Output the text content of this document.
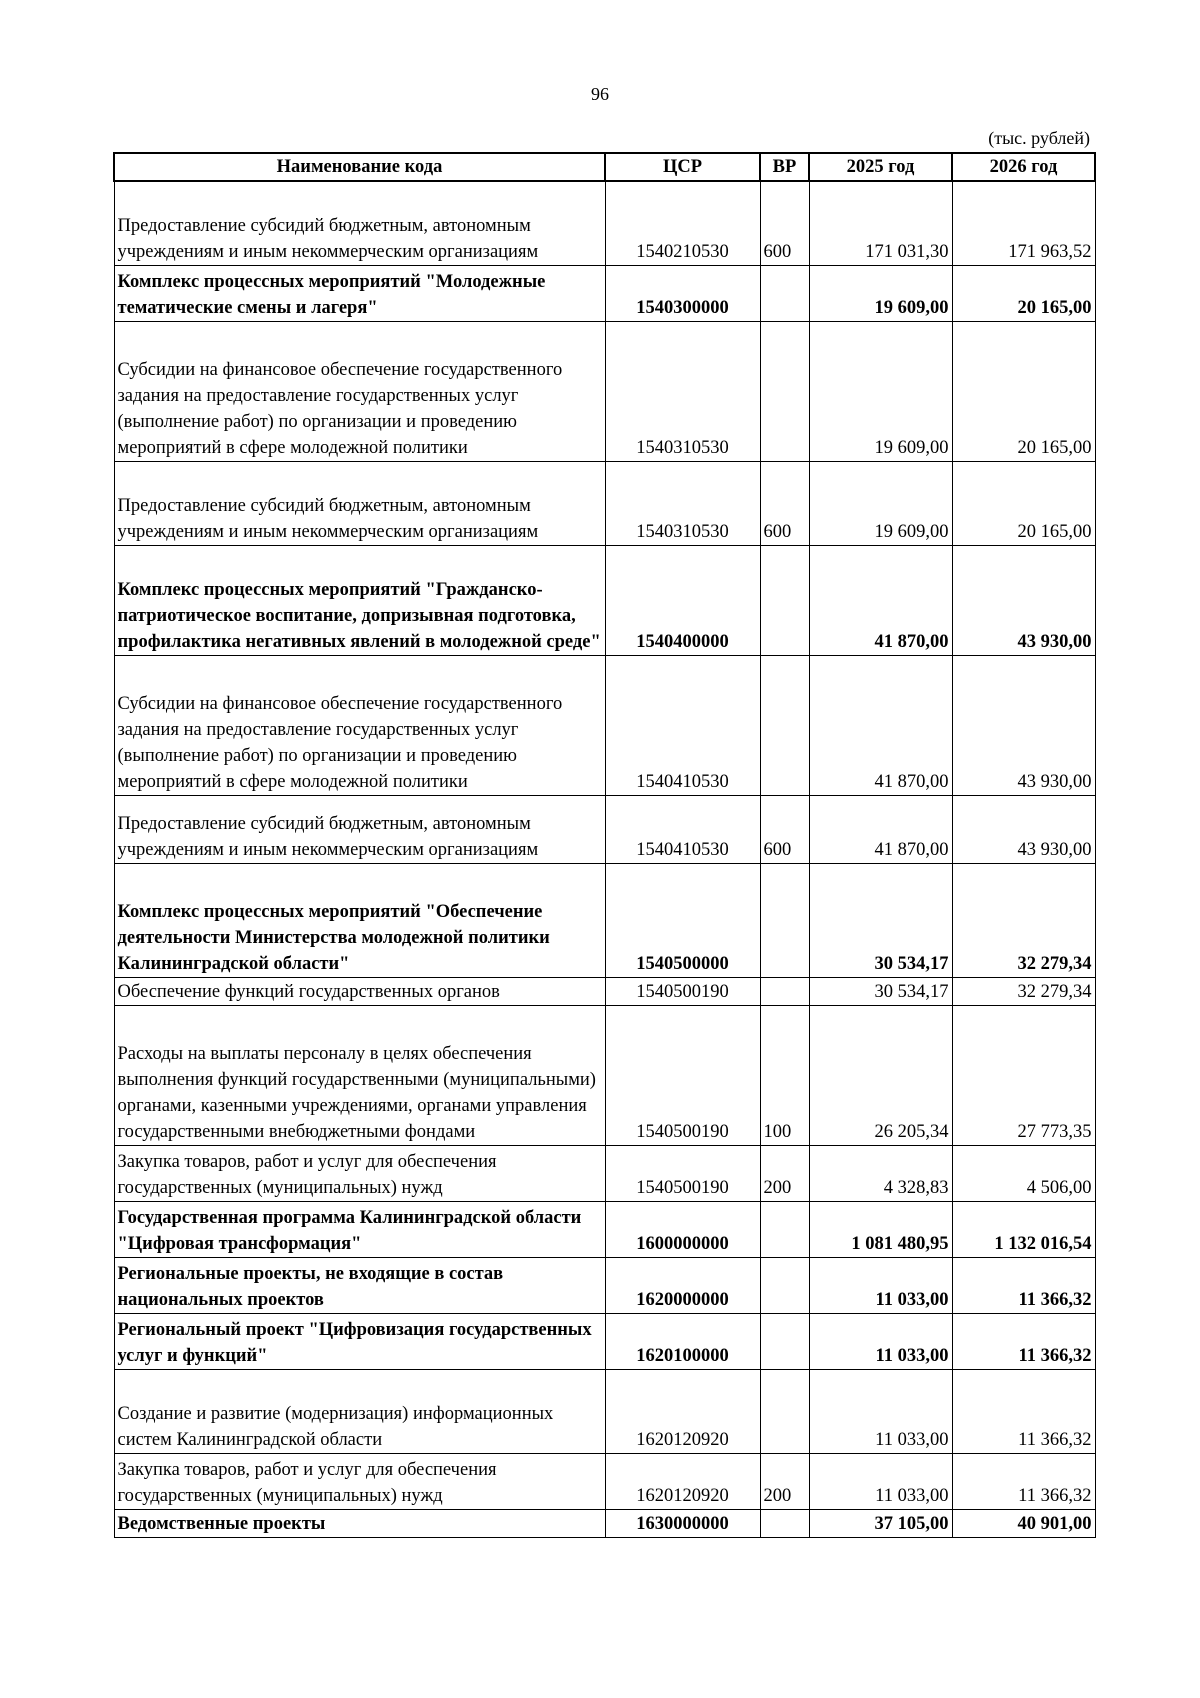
96
(тыс. рублей)
Наименование кода	ЦСР	ВР	2025 год	2026 год
Предоставление субсидий бюджетным, автономным учреждениям и иным некоммерческим организациям	1540210530	600	171 031,30	171 963,52
Комплекс процессных мероприятий "Молодежные тематические смены и лагеря"	1540300000		19 609,00	20 165,00
Субсидии на финансовое обеспечение государственного задания на предоставление государственных услуг (выполнение работ) по организации и проведению мероприятий в сфере молодежной политики	1540310530		19 609,00	20 165,00
Предоставление субсидий бюджетным, автономным учреждениям и иным некоммерческим организациям	1540310530	600	19 609,00	20 165,00
Комплекс процессных мероприятий "Гражданско-патриотическое воспитание, допризывная подготовка, профилактика негативных явлений в молодежной среде"	1540400000		41 870,00	43 930,00
Субсидии на финансовое обеспечение государственного задания на предоставление государственных услуг (выполнение работ) по организации и проведению мероприятий в сфере молодежной политики	1540410530		41 870,00	43 930,00
Предоставление субсидий бюджетным, автономным учреждениям и иным некоммерческим организациям	1540410530	600	41 870,00	43 930,00
Комплекс процессных мероприятий "Обеспечение деятельности Министерства молодежной политики Калининградской области"	1540500000		30 534,17	32 279,34
Обеспечение функций государственных органов	1540500190		30 534,17	32 279,34
Расходы на выплаты персоналу в целях обеспечения выполнения функций государственными (муниципальными) органами, казенными учреждениями, органами управления государственными внебюджетными фондами	1540500190	100	26 205,34	27 773,35
Закупка товаров, работ и услуг для обеспечения государственных (муниципальных) нужд	1540500190	200	4 328,83	4 506,00
Государственная программа Калининградской области "Цифровая трансформация"	1600000000		1 081 480,95	1 132 016,54
Региональные проекты, не входящие в состав национальных проектов	1620000000		11 033,00	11 366,32
Региональный проект "Цифровизация государственных услуг и функций"	1620100000		11 033,00	11 366,32
Создание и развитие (модернизация) информационных систем Калининградской области	1620120920		11 033,00	11 366,32
Закупка товаров, работ и услуг для обеспечения государственных (муниципальных) нужд	1620120920	200	11 033,00	11 366,32
Ведомственные проекты	1630000000		37 105,00	40 901,00
